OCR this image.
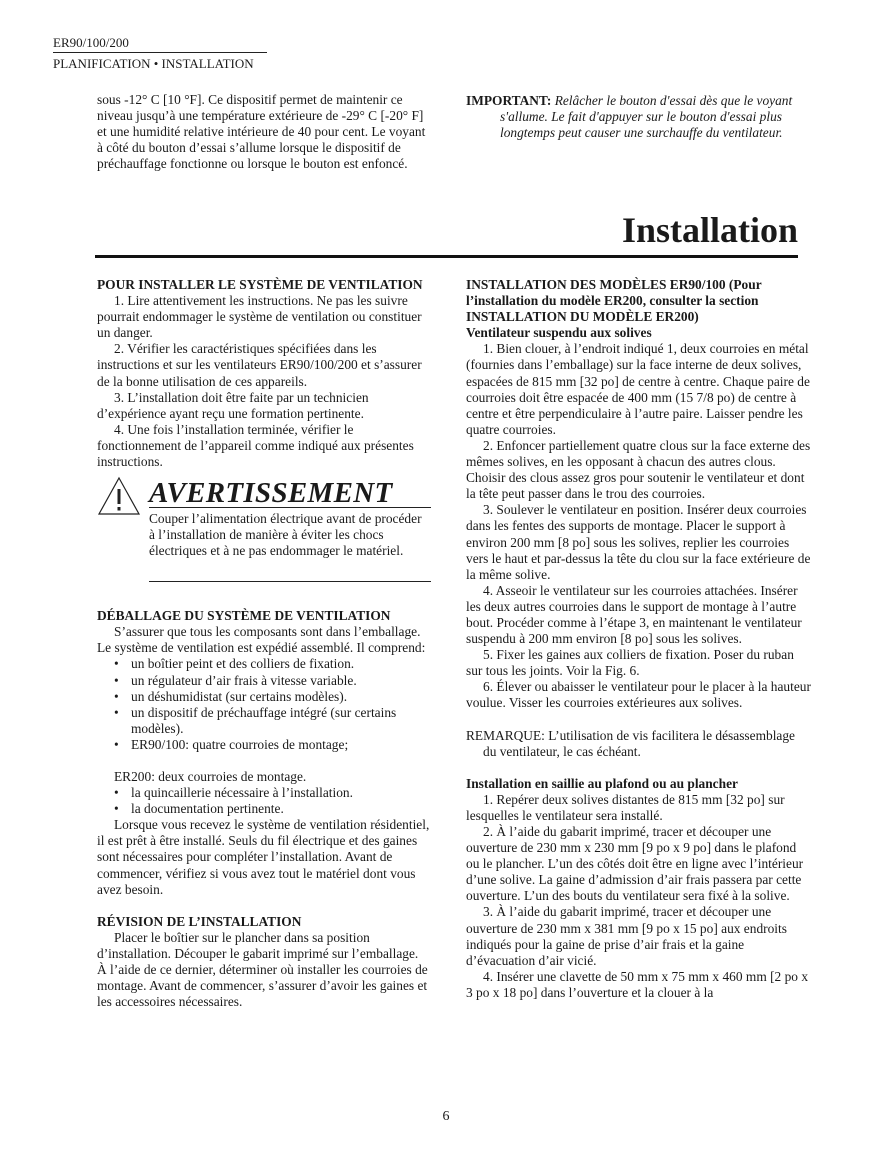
ER90/100/200
PLANIFICATION • INSTALLATION

sous -12° C [10 °F]. Ce dispositif permet de maintenir ce niveau jusqu’à une température extérieure de -29° C [-20° F] et une humidité relative intérieure de 40 pour cent. Le voyant à côté du bouton d’essai s’allume lorsque le dispositif de préchauffage fonctionne ou lorsque le bouton est enfoncé.

IMPORTANT: Relâcher le bouton d'essai dès que le voyant s'allume. Le fait d'appuyer sur le bouton d'essai plus longtemps peut causer une surchauffe du ventilateur.

Installation

POUR INSTALLER LE SYSTÈME DE VENTILATION

1. Lire attentivement les instructions. Ne pas les suivre pourrait endommager le système de ventilation ou constituer un danger.

2. Vérifier les caractéristiques spécifiées dans les instructions et sur les ventilateurs ER90/100/200 et s’assurer de la bonne utilisation de ces appareils.

3. L’installation doit être faite par un technicien d’expérience ayant reçu une formation pertinente.

4. Une fois l’installation terminée, vérifier le fonctionnement de l’appareil comme indiqué aux présentes instructions.

AVERTISSEMENT
Couper l’alimentation électrique avant de procéder à l’installation de manière à éviter les chocs électriques et à ne pas endommager le matériel.

DÉBALLAGE DU SYSTÈME DE VENTILATION

S’assurer que tous les composants sont dans l’emballage. Le système de ventilation est expédié assemblé. Il comprend:

• un boîtier peint et des colliers de fixation.
• un régulateur d’air frais à vitesse variable.
• un déshumidistat (sur certains modèles).
• un dispositif de préchauffage intégré (sur certains modèles).
• ER90/100: quatre courroies de montage;

ER200: deux courroies de montage.

• la quincaillerie nécessaire à l’installation.
• la documentation pertinente.

Lorsque vous recevez le système de ventilation résidentiel, il est prêt à être installé. Seuls du fil électrique et des gaines sont nécessaires pour compléter l’installation. Avant de commencer, vérifiez si vous avez tout le matériel dont vous avez besoin.

RÉVISION DE L’INSTALLATION

Placer le boîtier sur le plancher dans sa position d’installation. Découper le gabarit imprimé sur l’emballage. À l’aide de ce dernier, déterminer où installer les courroies de montage. Avant de commencer, s’assurer d’avoir les gaines et les accessoires nécessaires.

INSTALLATION DES MODÈLES ER90/100 (Pour l’installation du modèle ER200, consulter la section INSTALLATION DU MODÈLE ER200)

Ventilateur suspendu aux solives

1. Bien clouer, à l’endroit indiqué 1, deux courroies en métal (fournies dans l’emballage) sur la face interne de deux solives, espacées de 815 mm [32 po] de centre à centre. Chaque paire de courroies doit être espacée de 400 mm (15 7/8 po) de centre à centre et être perpendiculaire à l’autre paire. Laisser pendre les quatre courroies.

2. Enfoncer partiellement quatre clous sur la face externe des mêmes solives, en les opposant à chacun des autres clous. Choisir des clous assez gros pour soutenir le ventilateur et dont la tête peut passer dans le trou des courroies.

3. Soulever le ventilateur en position. Insérer deux courroies dans les fentes des supports de montage. Placer le support à environ 200 mm [8 po] sous les solives, replier les courroies vers le haut et par-dessus la tête du clou sur la face extérieure de la même solive.

4. Asseoir le ventilateur sur les courroies attachées. Insérer les deux autres courroies dans le support de montage à l’autre bout. Procéder comme à l’étape 3, en maintenant le ventilateur suspendu à 200 mm environ [8 po] sous les solives.

5. Fixer les gaines aux colliers de fixation. Poser du ruban sur tous les joints. Voir la Fig. 6.

6. Élever ou abaisser le ventilateur pour le placer à la hauteur voulue. Visser les courroies extérieures aux solives.

REMARQUE: L’utilisation de vis facilitera le désassemblage du ventilateur, le cas échéant.

Installation en saillie au plafond ou au plancher

1. Repérer deux solives distantes de 815 mm [32 po] sur lesquelles le ventilateur sera installé.

2. À l’aide du gabarit imprimé, tracer et découper une ouverture de 230 mm x 230 mm [9 po x 9 po] dans le plafond ou le plancher. L’un des côtés doit être en ligne avec l’intérieur d’une solive. La gaine d’admission d’air frais passera par cette ouverture. L’un des bouts du ventilateur sera fixé à la solive.

3. À l’aide du gabarit imprimé, tracer et découper une ouverture de 230 mm x 381 mm [9 po x 15 po] aux endroits indiqués pour la gaine de prise d’air frais et la gaine d’évacuation d’air vicié.

4. Insérer une clavette de 50 mm x 75 mm x 460 mm [2 po x 3 po x 18 po] dans l’ouverture et la clouer à la

6
